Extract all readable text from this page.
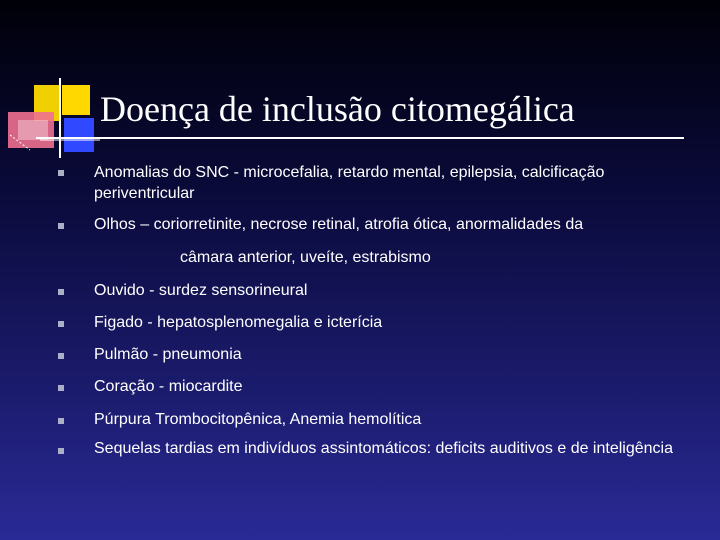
Doença de inclusão citomegálica
Anomalias do SNC - microcefalia, retardo mental, epilepsia, calcificação periventricular
Olhos – coriorretinite, necrose retinal, atrofia ótica, anormalidades da
câmara anterior, uveíte, estrabismo
Ouvido - surdez sensorineural
Figado - hepatosplenomegalia e icterícia
Pulmão - pneumonia
Coração - miocardite
Púrpura Trombocitopênica, Anemia hemolítica
Sequelas tardias em indivíduos assintomáticos: deficits auditivos e de inteligência
